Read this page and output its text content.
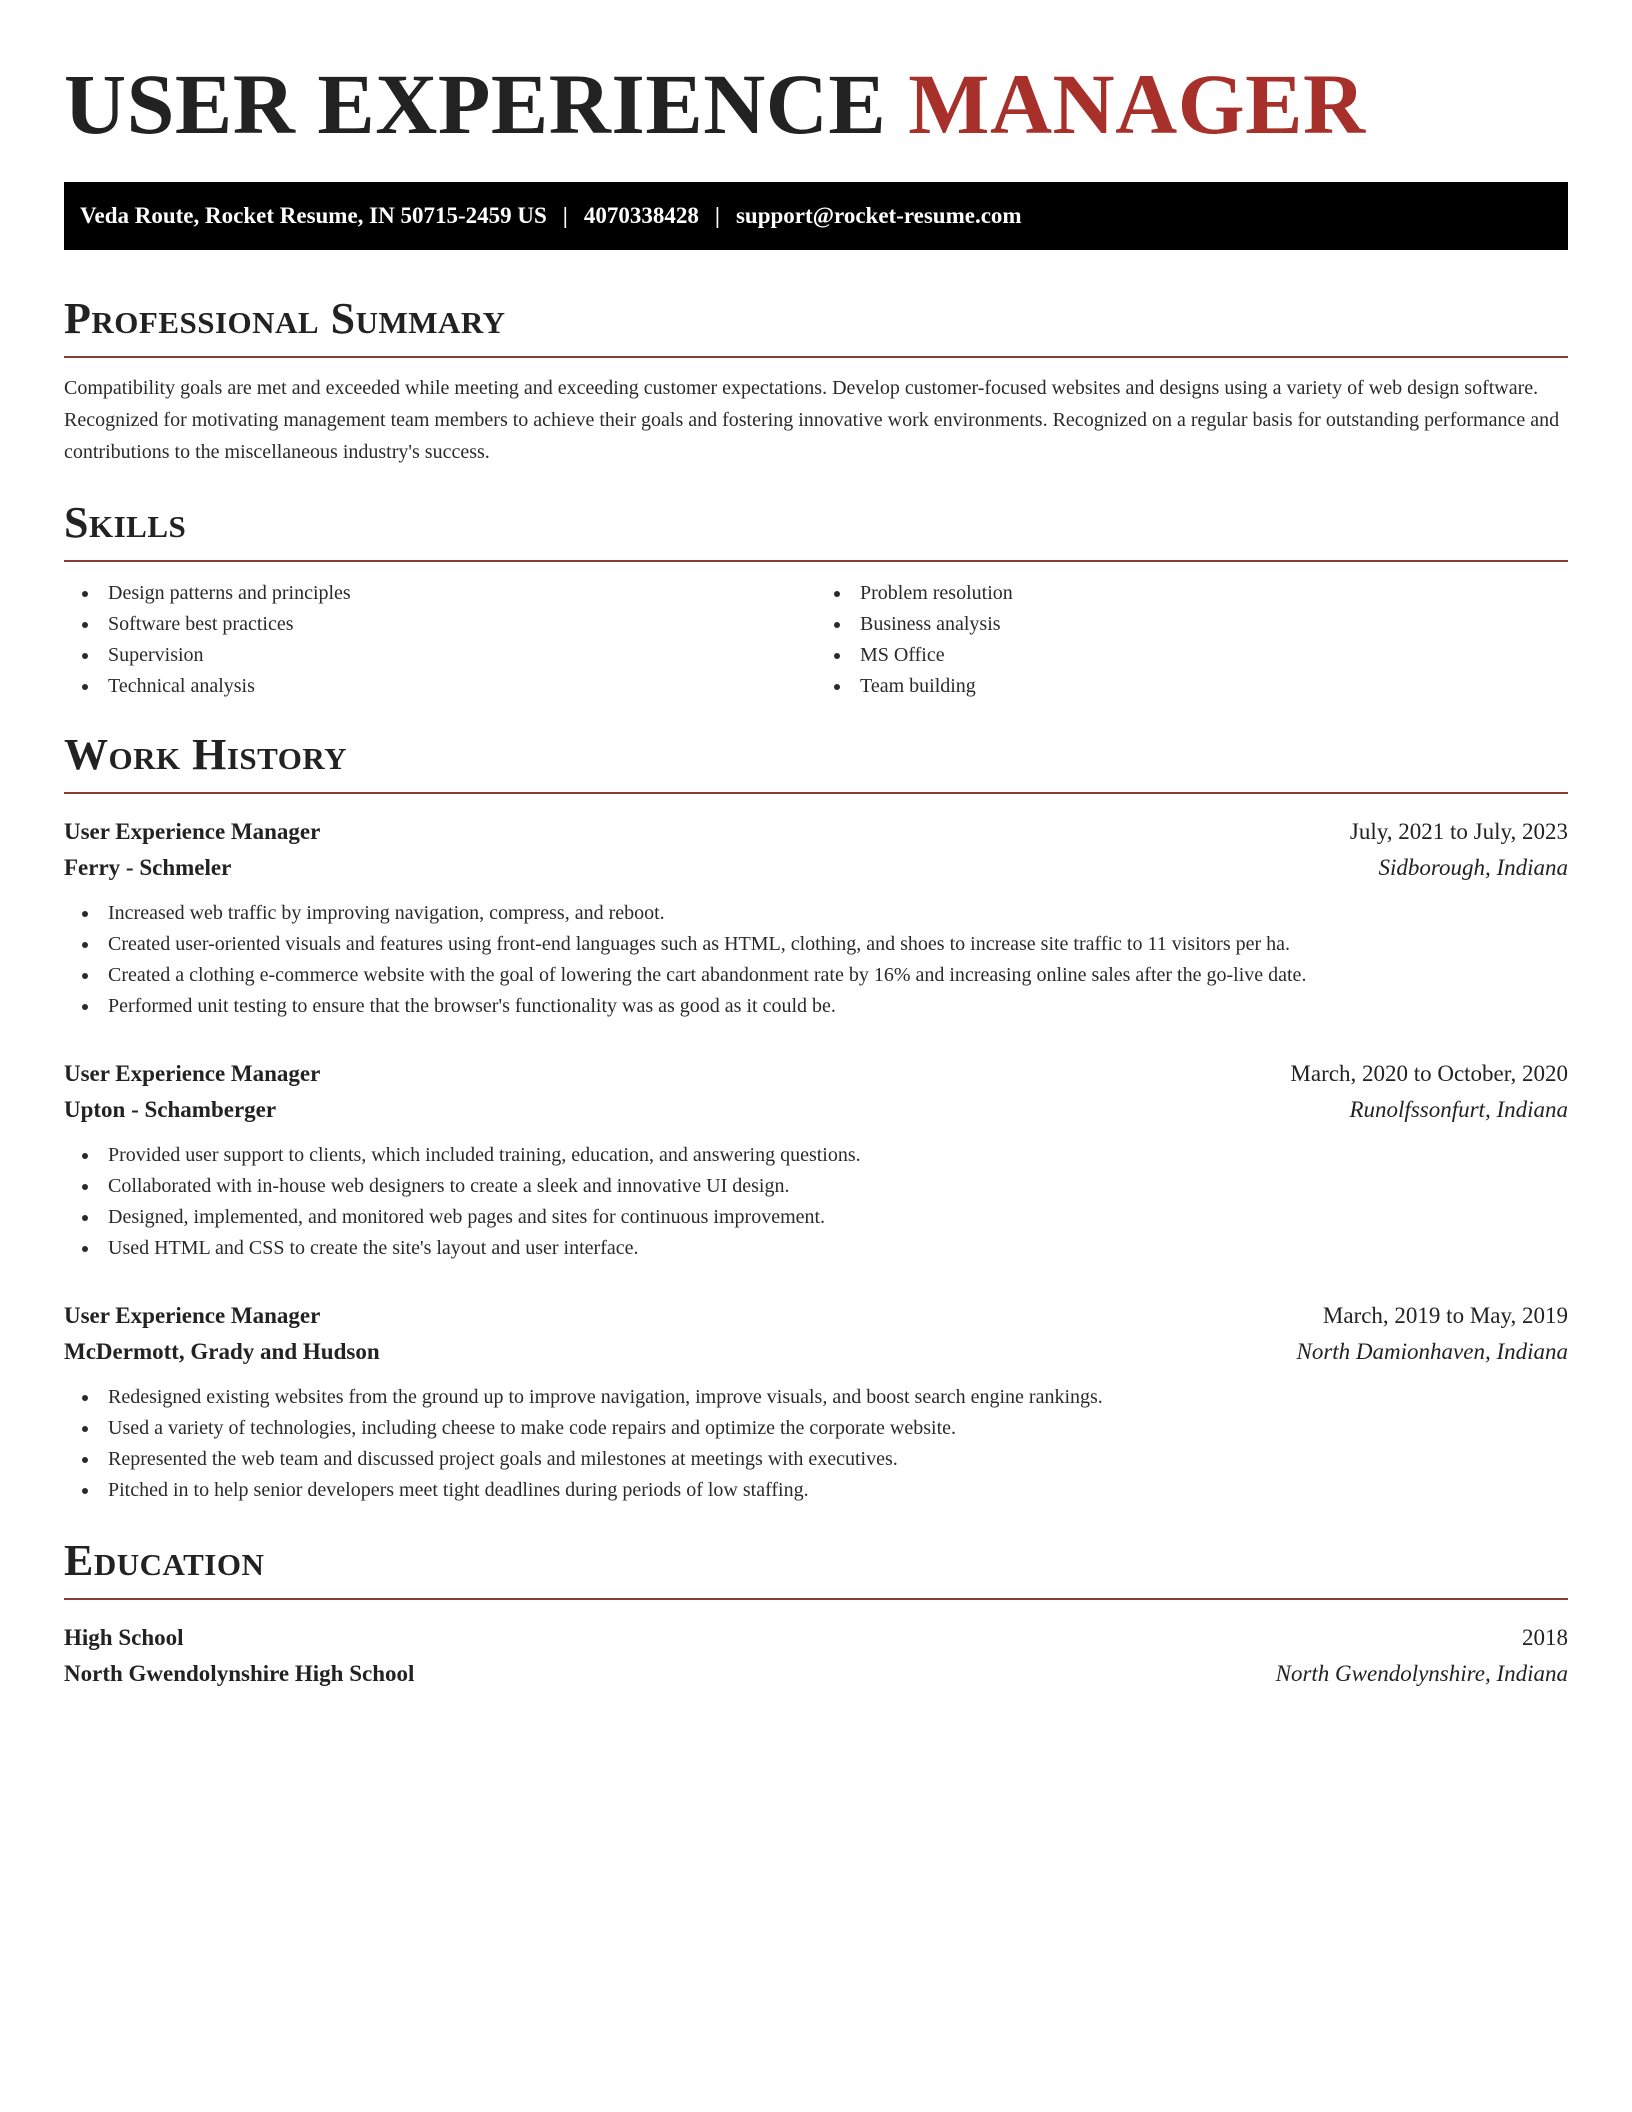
USER EXPERIENCE MANAGER
Veda Route, Rocket Resume, IN 50715-2459 US | 4070338428 | support@rocket-resume.com
Professional Summary

Compatibility goals are met and exceeded while meeting and exceeding customer expectations. Develop customer-focused websites and designs using a variety of web design software. Recognized for motivating management team members to achieve their goals and fostering innovative work environments. Recognized on a regular basis for outstanding performance and contributions to the miscellaneous industry's success.

Skills
Design patterns and principles
Software best practices
Supervision
Technical analysis
Problem resolution
Business analysis
MS Office
Team building
Work History
User Experience Manager	July, 2021 to July, 2023
Ferry - Schmeler	Sidborough, Indiana
Increased web traffic by improving navigation, compress, and reboot.
Created user-oriented visuals and features using front-end languages such as HTML, clothing, and shoes to increase site traffic to 11 visitors per ha.
Created a clothing e-commerce website with the goal of lowering the cart abandonment rate by 16% and increasing online sales after the go-live date.
Performed unit testing to ensure that the browser's functionality was as good as it could be.
User Experience Manager	March, 2020 to October, 2020
Upton - Schamberger	Runolfssonfurt, Indiana
Provided user support to clients, which included training, education, and answering questions.
Collaborated with in-house web designers to create a sleek and innovative UI design.
Designed, implemented, and monitored web pages and sites for continuous improvement.
Used HTML and CSS to create the site's layout and user interface.
User Experience Manager	March, 2019 to May, 2019
McDermott, Grady and Hudson	North Damionhaven, Indiana
Redesigned existing websites from the ground up to improve navigation, improve visuals, and boost search engine rankings.
Used a variety of technologies, including cheese to make code repairs and optimize the corporate website.
Represented the web team and discussed project goals and milestones at meetings with executives.
Pitched in to help senior developers meet tight deadlines during periods of low staffing.
Education
High School	2018
North Gwendolynshire High School	North Gwendolynshire, Indiana
